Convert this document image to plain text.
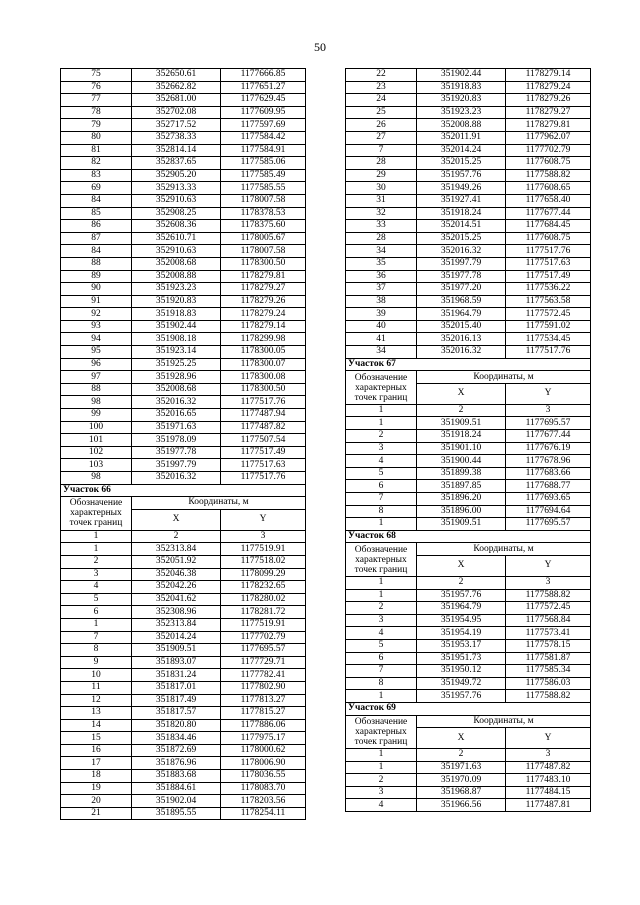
50
75	352650.61	1177666.85
76	352662.82	1177651.27
77	352681.00	1177629.45
78	352702.08	1177609.95
79	352717.52	1177597.69
80	352738.33	1177584.42
81	352814.14	1177584.91
82	352837.65	1177585.06
83	352905.20	1177585.49
69	352913.33	1177585.55
84	352910.63	1178007.58
85	352908.25	1178378.53
86	352608.36	1178375.60
87	352610.71	1178005.67
84	352910.63	1178007.58
88	352008.68	1178300.50
89	352008.88	1178279.81
90	351923.23	1178279.27
91	351920.83	1178279.26
92	351918.83	1178279.24
93	351902.44	1178279.14
94	351908.18	1178299.98
95	351923.14	1178300.05
96	351925.25	1178300.07
97	351928.96	1178300.08
88	352008.68	1178300.50
98	352016.32	1177517.76
99	352016.65	1177487.94
100	351971.63	1177487.82
101	351978.09	1177507.54
102	351977.78	1177517.49
103	351997.79	1177517.63
98	352016.32	1177517.76
Участок 66		
Обозначение характерных точек границ	Координаты, м	
	X	Y
1	2	3
1	352313.84	1177519.91
2	352051.92	1177518.02
3	352046.38	1178099.29
4	352042.26	1178232.65
5	352041.62	1178280.02
6	352308.96	1178281.72
1	352313.84	1177519.91
7	352014.24	1177702.79
8	351909.51	1177695.57
9	351893.07	1177729.71
10	351831.24	1177782.41
11	351817.01	1177802.90
12	351817.49	1177813.27
13	351817.57	1177815.27
14	351820.80	1177886.06
15	351834.46	1177975.17
16	351872.69	1178000.62
17	351876.96	1178006.90
18	351883.68	1178036.55
19	351884.61	1178083.70
20	351902.04	1178203.56
21	351895.55	1178254.11
22	351902.44	1178279.14
23	351918.83	1178279.24
24	351920.83	1178279.26
25	351923.23	1178279.27
26	352008.88	1178279.81
27	352011.91	1177962.07
7	352014.24	1177702.79
28	352015.25	1177608.75
29	351957.76	1177588.82
30	351949.26	1177608.65
31	351927.41	1177658.40
32	351918.24	1177677.44
33	352014.51	1177684.45
28	352015.25	1177608.75
34	352016.32	1177517.76
35	351997.79	1177517.63
36	351977.78	1177517.49
37	351977.20	1177536.22
38	351968.59	1177563.58
39	351964.79	1177572.45
40	352015.40	1177591.02
41	352016.13	1177534.45
34	352016.32	1177517.76
Участок 67		
Обозначение характерных точек границ	Координаты, м	
	X	Y
1	2	3
1	351909.51	1177695.57
2	351918.24	1177677.44
3	351901.10	1177676.19
4	351900.44	1177678.96
5	351899.38	1177683.66
6	351897.85	1177688.77
7	351896.20	1177693.65
8	351896.00	1177694.64
1	351909.51	1177695.57
Участок 68		
Обозначение характерных точек границ	Координаты, м	
	X	Y
1	2	3
1	351957.76	1177588.82
2	351964.79	1177572.45
3	351954.95	1177568.84
4	351954.19	1177573.41
5	351953.17	1177578.15
6	351951.73	1177581.87
7	351950.12	1177585.34
8	351949.72	1177586.03
1	351957.76	1177588.82
Участок 69		
Обозначение характерных точек границ	Координаты, м	
	X	Y
1	2	3
1	351971.63	1177487.82
2	351970.09	1177483.10
3	351968.87	1177484.15
4	351966.56	1177487.81
